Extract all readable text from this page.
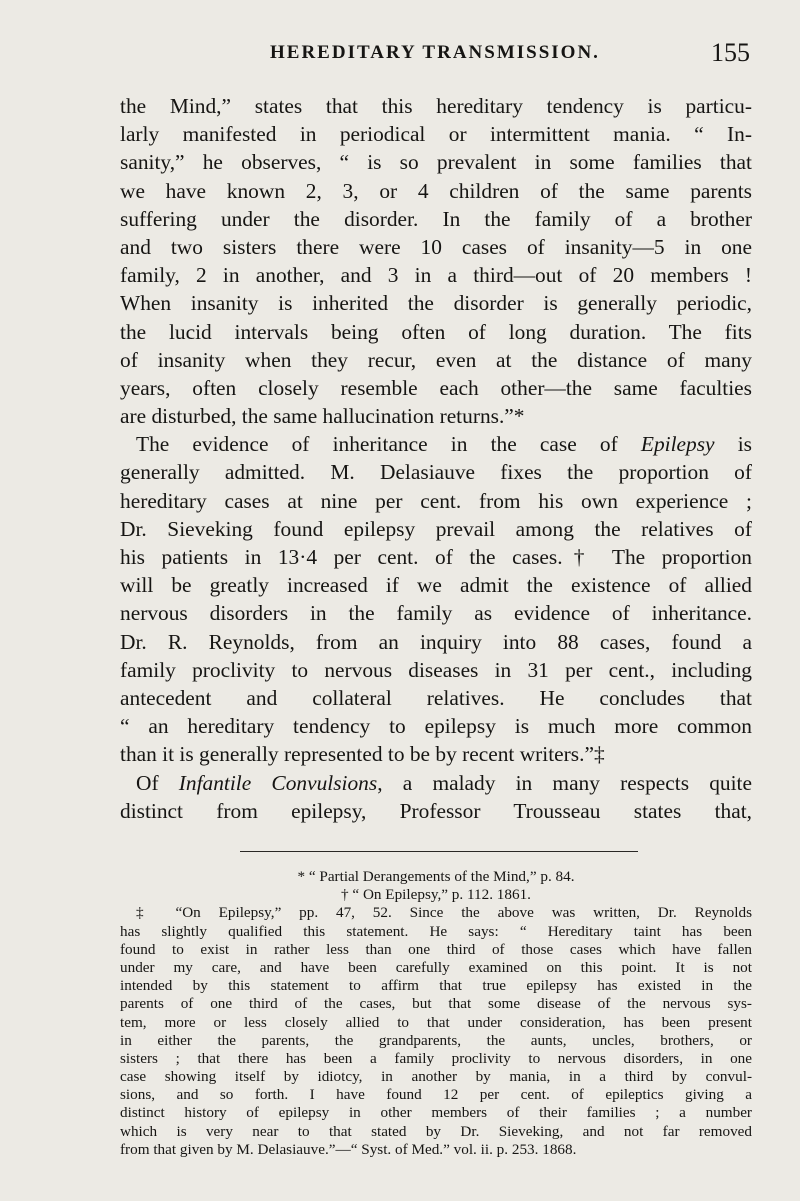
HEREDITARY TRANSMISSION.	155
the Mind,” states that this hereditary tendency is particu-
larly manifested in periodical or intermittent mania. “ In-
sanity,” he observes, “ is so prevalent in some families that
we have known 2, 3, or 4 children of the same parents
suffering under the disorder. In the family of a brother
and two sisters there were 10 cases of insanity—5 in one
family, 2 in another, and 3 in a third—out of 20 members !
When insanity is inherited the disorder is generally periodic,
the lucid intervals being often of long duration. The fits
of insanity when they recur, even at the distance of many
years, often closely resemble each other—the same faculties
are disturbed, the same hallucination returns.”*
The evidence of inheritance in the case of Epilepsy is
generally admitted. M. Delasiauve fixes the proportion of
hereditary cases at nine per cent. from his own experience ;
Dr. Sieveking found epilepsy prevail among the relatives of
his patients in 13·4 per cent. of the cases.† The proportion
will be greatly increased if we admit the existence of allied
nervous disorders in the family as evidence of inheritance.
Dr. R. Reynolds, from an inquiry into 88 cases, found a
family proclivity to nervous diseases in 31 per cent., including
antecedent and collateral relatives. He concludes that
“ an hereditary tendency to epilepsy is much more common
than it is generally represented to be by recent writers.”‡
Of Infantile Convulsions, a malady in many respects quite
distinct from epilepsy, Professor Trousseau states that,
* “ Partial Derangements of the Mind,” p. 84.
† “ On Epilepsy,” p. 112. 1861.
‡ “On Epilepsy,” pp. 47, 52. Since the above was written, Dr. Reynolds
has slightly qualified this statement. He says: “ Hereditary taint has been
found to exist in rather less than one third of those cases which have fallen
under my care, and have been carefully examined on this point. It is not
intended by this statement to affirm that true epilepsy has existed in the
parents of one third of the cases, but that some disease of the nervous sys-
tem, more or less closely allied to that under consideration, has been present
in either the parents, the grandparents, the aunts, uncles, brothers, or
sisters ; that there has been a family proclivity to nervous disorders, in one
case showing itself by idiotcy, in another by mania, in a third by convul-
sions, and so forth. I have found 12 per cent. of epileptics giving a
distinct history of epilepsy in other members of their families ; a number
which is very near to that stated by Dr. Sieveking, and not far removed
from that given by M. Delasiauve.”—“ Syst. of Med.” vol. ii. p. 253. 1868.
